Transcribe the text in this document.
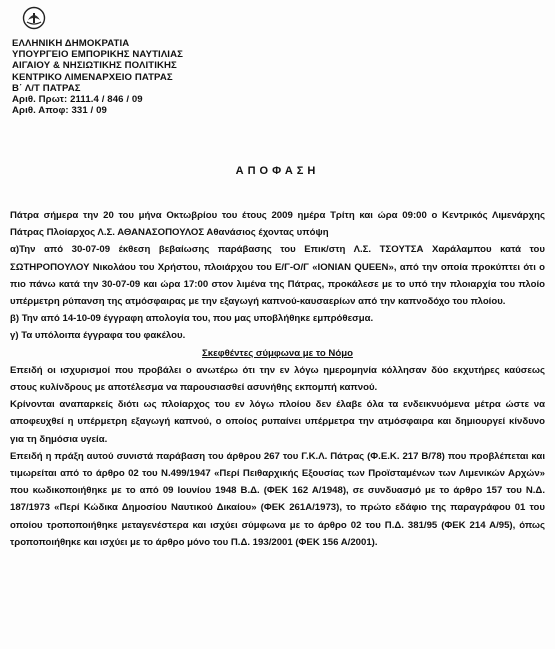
ΕΛΛΗΝΙΚΗ ΔΗΜΟΚΡΑΤΙΑ
ΥΠΟΥΡΓΕΙΟ ΕΜΠΟΡΙΚΗΣ ΝΑΥΤΙΛΙΑΣ
ΑΙΓΑΙΟΥ & ΝΗΣΙΩΤΙΚΗΣ ΠΟΛΙΤΙΚΗΣ
ΚΕΝΤΡΙΚΟ ΛΙΜΕΝΑΡΧΕΙΟ ΠΑΤΡΑΣ
Β΄ Λ/Τ ΠΑΤΡΑΣ
Αριθ. Πρωτ: 2111.4 / 846 / 09
Αριθ. Αποφ: 331 / 09
ΑΠΟΦΑΣΗ

Πάτρα σήμερα την 20 του μήνα Οκτωβρίου του έτους 2009 ημέρα Τρίτη και ώρα 09:00 ο Κεντρικός Λιμενάρχης Πάτρας Πλοίαρχος Λ.Σ. ΑΘΑΝΑΣΟΠΟΥΛΟΣ Αθανάσιος έχοντας υπόψη

α)Την από 30-07-09 έκθεση βεβαίωσης παράβασης του Επικ/στη Λ.Σ. ΤΣΟΥΤΣΑ Χαράλαμπου κατά του ΣΩΤΗΡΟΠΟΥΛΟΥ Νικολάου του Χρήστου, πλοιάρχου του Ε/Γ-Ο/Γ «IONIAN QUEEN», από την οποία προκύπτει ότι ο πιο πάνω κατά την 30-07-09 και ώρα 17:00 στον λιμένα της Πάτρας, προκάλεσε με το υπό την πλοιαρχία του πλοίο υπέρμετρη ρύπανση της ατμόσφαιρας με την εξαγωγή καπνού-καυσαερίων από την καπνοδόχο του πλοίου.

β) Την από 14-10-09 έγγραφη απολογία του, που μας υποβλήθηκε εμπρόθεσμα.

γ) Τα υπόλοιπα έγγραφα του φακέλου.

Σκεφθέντες σύμφωνα με το Νόμο

Επειδή οι ισχυρισμοί που προβάλει ο ανωτέρω ότι την εν λόγω ημερομηνία κόλλησαν δύο εκχυτήρες καύσεως στους κυλίνδρους με αποτέλεσμα να παρουσιασθεί ασυνήθης εκπομπή καπνού.

Κρίνονται αναπαρκείς διότι ως πλοίαρχος του εν λόγω πλοίου δεν έλαβε όλα τα ενδεικνυόμενα μέτρα ώστε να αποφευχθεί η υπέρμετρη εξαγωγή καπνού, ο οποίος ρυπαίνει υπέρμετρα την ατμόσφαιρα και δημιουργεί κίνδυνο για τη δημόσια υγεία.

Επειδή η πράξη αυτού συνιστά παράβαση του άρθρου 267 του Γ.Κ.Λ. Πάτρας (Φ.Ε.Κ. 217 Β/78) που προβλέπεται και τιμωρείται από το άρθρο 02 του Ν.499/1947 «Περί Πειθαρχικής Εξουσίας των Προϊσταμένων των Λιμενικών Αρχών» που κωδικοποιήθηκε με το από 09 Ιουνίου 1948 Β.Δ. (ΦΕΚ 162 Α/1948), σε συνδυασμό με το άρθρο 157 του Ν.Δ. 187/1973 «Περί Κώδικα Δημοσίου Ναυτικού Δικαίου» (ΦΕΚ 261Α/1973), το πρώτο εδάφιο της παραγράφου 01 του οποίου τροποποιήθηκε μεταγενέστερα και ισχύει σύμφωνα με το άρθρο 02 του Π.Δ. 381/95 (ΦΕΚ 214 Α/95), όπως τροποποιήθηκε και ισχύει με το άρθρο μόνο του Π.Δ. 193/2001 (ΦΕΚ 156 Α/2001).
